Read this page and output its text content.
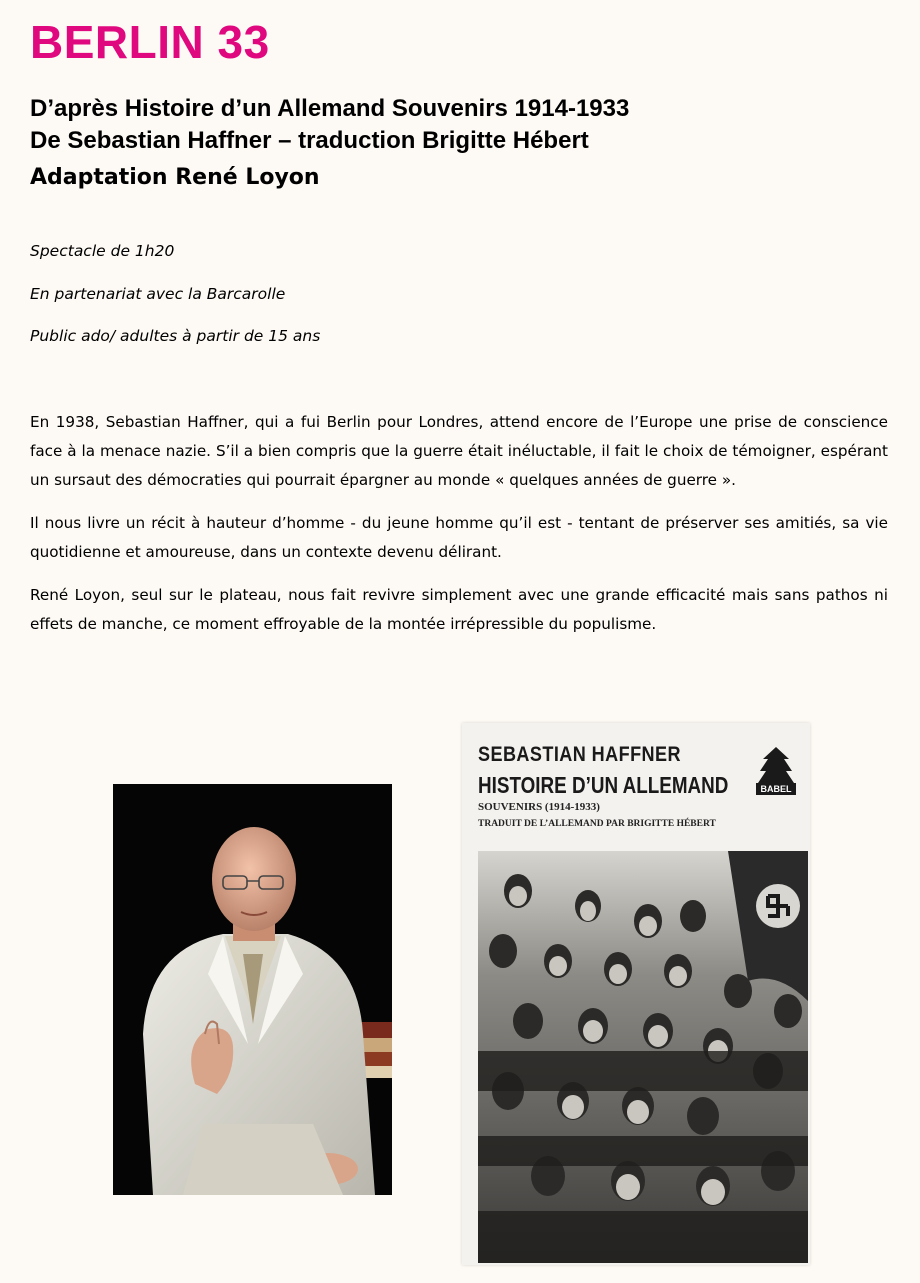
BERLIN 33
D’après Histoire d’un Allemand Souvenirs 1914-1933
De Sebastian Haffner – traduction Brigitte Hébert
Adaptation René Loyon

Spectacle de 1h20

En partenariat avec la Barcarolle

Public ado/ adultes à partir de 15 ans

En 1938, Sebastian Haffner, qui a fui Berlin pour Londres, attend encore de l’Europe une prise de conscience face à la menace nazie. S’il a bien compris que la guerre était inéluctable, il fait le choix de témoigner, espérant un sursaut des démocraties qui pourrait épargner au monde « quelques années de guerre ».

Il nous livre un récit à hauteur d’homme - du jeune homme qu’il est - tentant de préserver ses amitiés, sa vie quotidienne et amoureuse, dans un contexte devenu délirant.

René Loyon, seul sur le plateau, nous fait revivre simplement avec une grande efficacité mais sans pathos ni effets de manche, ce moment effroyable de la montée irrépressible du populisme.

SEBASTIAN HAFFNER

HISTOIRE D’UN ALLEMAND

SOUVENIRS (1914-1933)

TRADUIT DE L’ALLEMAND PAR BRIGITTE HÉBERT

BABEL
